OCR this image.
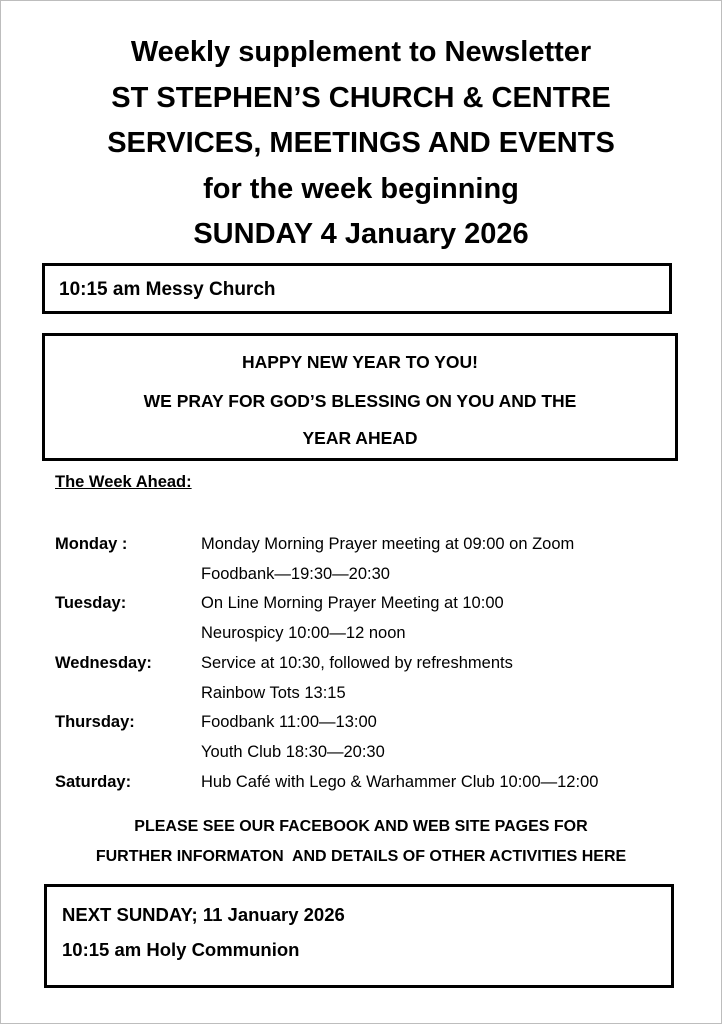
Weekly supplement to Newsletter
ST STEPHEN’S CHURCH & CENTRE
SERVICES, MEETINGS AND EVENTS
for the week beginning
SUNDAY 4 January 2026
10:15 am Messy Church
HAPPY NEW YEAR TO YOU!
WE PRAY FOR GOD’S BLESSING ON YOU AND THE
YEAR AHEAD
The Week Ahead:
Monday :	Monday Morning Prayer meeting at 09:00 on Zoom
Foodbank—19:30—20:30
Tuesday:	On Line Morning Prayer Meeting at 10:00
Neurospicy 10:00—12 noon
Wednesday:	Service at 10:30, followed by refreshments
Rainbow Tots 13:15
Thursday:	Foodbank 11:00—13:00
Youth Club 18:30—20:30
Saturday:	Hub Café with Lego & Warhammer Club 10:00—12:00
PLEASE SEE OUR FACEBOOK AND WEB SITE PAGES FOR
FURTHER INFORMATON  AND DETAILS OF OTHER ACTIVITIES HERE
NEXT SUNDAY; 11 January 2026
10:15 am Holy Communion
